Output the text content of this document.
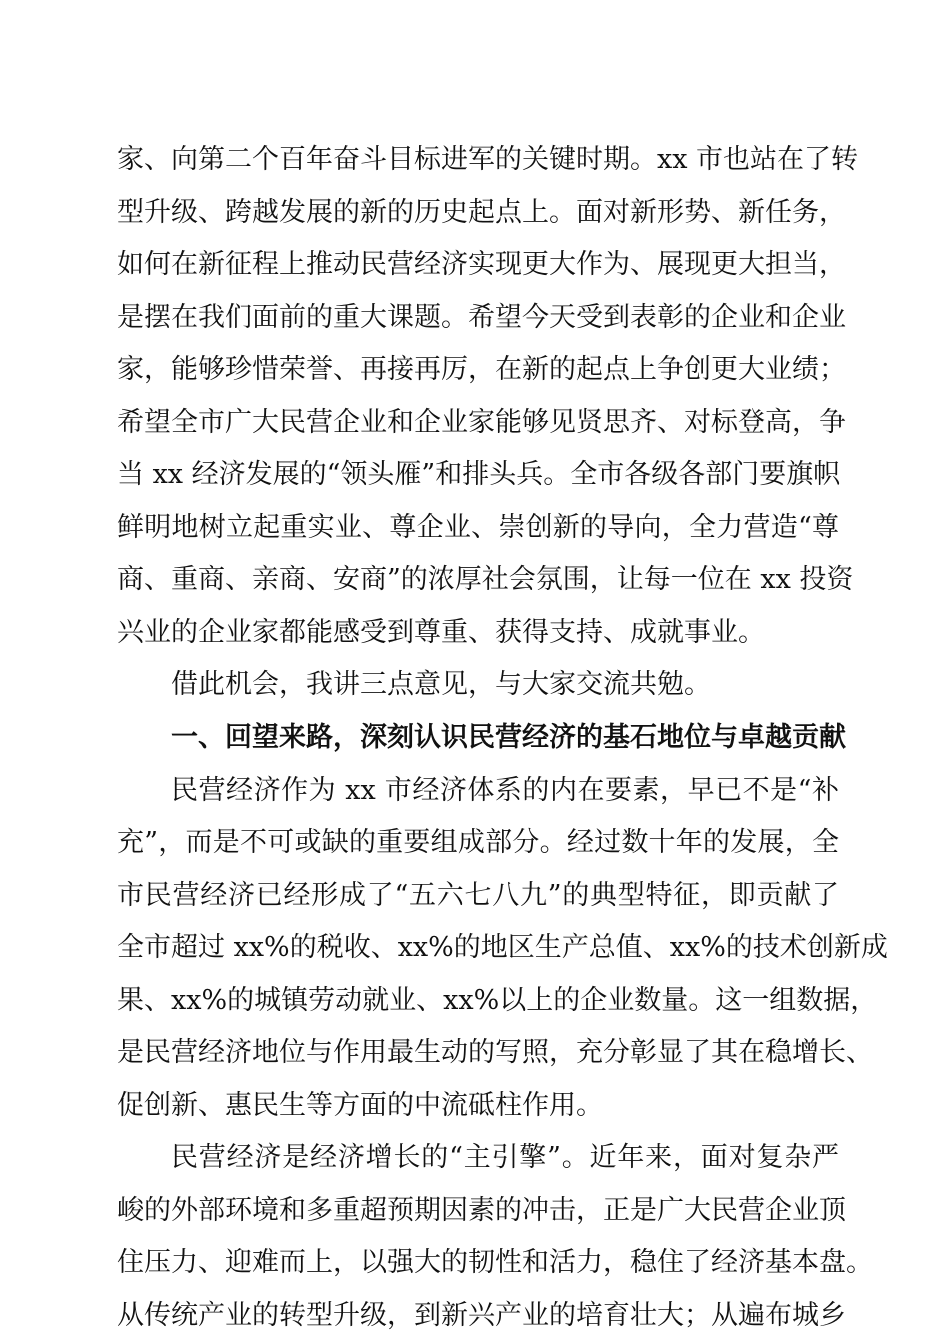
家、向第二个百年奋斗目标进军的关键时期。xx 市也站在了转
型升级、跨越发展的新的历史起点上。面对新形势、新任务，
如何在新征程上推动民营经济实现更大作为、展现更大担当，
是摆在我们面前的重大课题。希望今天受到表彰的企业和企业
家，能够珍惜荣誉、再接再厉，在新的起点上争创更大业绩；
希望全市广大民营企业和企业家能够见贤思齐、对标登高，争
当 xx 经济发展的“领头雁”和排头兵。全市各级各部门要旗帜
鲜明地树立起重实业、尊企业、崇创新的导向，全力营造“尊
商、重商、亲商、安商”的浓厚社会氛围，让每一位在 xx 投资
兴业的企业家都能感受到尊重、获得支持、成就事业。
借此机会，我讲三点意见，与大家交流共勉。
一、回望来路，深刻认识民营经济的基石地位与卓越贡献
民营经济作为 xx 市经济体系的内在要素，早已不是“补
充”，而是不可或缺的重要组成部分。经过数十年的发展，全
市民营经济已经形成了“五六七八九”的典型特征，即贡献了
全市超过 xx%的税收、xx%的地区生产总值、xx%的技术创新成
果、xx%的城镇劳动就业、xx%以上的企业数量。这一组数据，
是民营经济地位与作用最生动的写照，充分彰显了其在稳增长、
促创新、惠民生等方面的中流砥柱作用。
民营经济是经济增长的“主引擎”。近年来，面对复杂严
峻的外部环境和多重超预期因素的冲击，正是广大民营企业顶
住压力、迎难而上，以强大的韧性和活力，稳住了经济基本盘。
从传统产业的转型升级，到新兴产业的培育壮大；从遍布城乡
